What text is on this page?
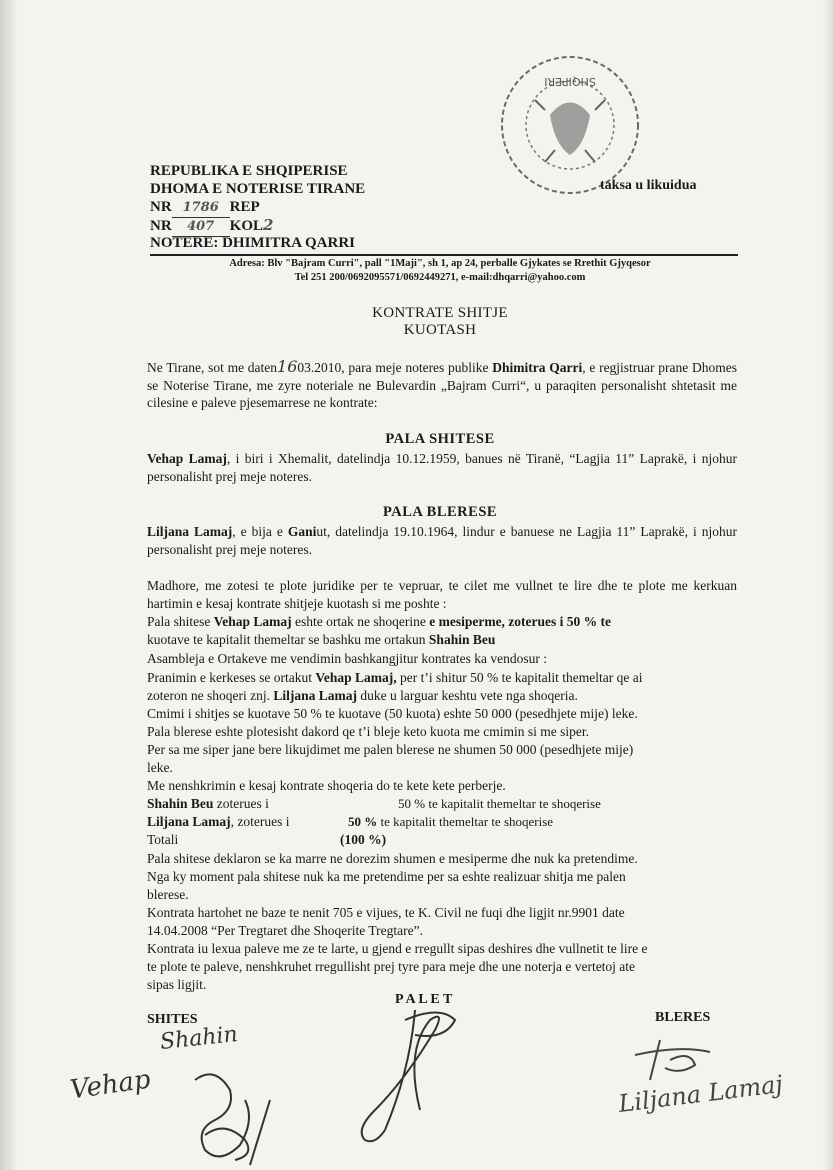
SHQIPERI
REPUBLIKA E SHQIPERISE
DHOMA E NOTERISE TIRANE
NR 1786 REP
NR 407 KOL2
NOTERE: DHIMITRA QARRI
taksa u likuidua
Adresa: Blv "Bajram Curri", pall "1Maji", sh 1, ap 24, perballe Gjykates se Rrethit Gjyqesor
Tel 251 200/0692095571/0692449271, e-mail:dhqarri@yahoo.com
KONTRATE SHITJE
KUOTASH
Ne Tirane, sot me daten1603.2010, para meje noteres publike Dhimitra Qarri, e regjistruar prane Dhomes se Noterise Tirane, me zyre noteriale ne Bulevardin „Bajram Curri“, u paraqiten personalisht shtetasit me cilesine e paleve pjesemarrese ne kontrate:
PALA SHITESE
Vehap Lamaj, i biri i Xhemalit, datelindja 10.12.1959, banues në Tiranë, “Lagjia 11” Laprakë, i njohur personalisht prej meje noteres.
PALA BLERESE
Liljana Lamaj, e bija e Ganiut, datelindja 19.10.1964, lindur e banuese ne Lagjia 11” Laprakë, i njohur personalisht prej meje noteres.
Madhore, me zotesi te plote juridike per te vepruar, te cilet me vullnet te lire dhe te plote me kerkuan hartimin e kesaj kontrate shitjeje kuotash si me poshte :
Pala shitese Vehap Lamaj eshte ortak ne shoqerine e mesiperme, zoterues i 50 % te
kuotave te kapitalit themeltar se bashku me ortakun Shahin Beu
Asambleja e Ortakeve me vendimin bashkangjitur kontrates ka vendosur :
Pranimin e kerkeses se ortakut Vehap Lamaj, per t’i shitur 50 % te kapitalit themeltar qe ai
zoteron ne shoqeri znj. Liljana Lamaj duke u larguar keshtu vete nga shoqeria.
Cmimi i shitjes se kuotave 50 % te kuotave (50 kuota) eshte 50 000 (pesedhjete mije) leke.
Pala blerese eshte plotesisht dakord qe t’i bleje keto kuota me cmimin si me siper.
Per sa me siper jane bere likujdimet me palen blerese ne shumen 50 000 (pesedhjete mije)
leke.
Me nenshkrimin e kesaj kontrate shoqeria do te kete kete perberje.
Shahin Beu zoterues i	50 % te kapitalit themeltar te shoqerise
Liljana Lamaj, zoterues i	50 % te kapitalit themeltar te shoqerise
Totali	(100 %)
Pala shitese deklaron se ka marre ne dorezim shumen e mesiperme dhe nuk ka pretendime.
Nga ky moment pala shitese nuk ka me pretendime per sa eshte realizuar shitja me palen
blerese.
Kontrata hartohet ne baze te nenit 705 e vijues, te K. Civil ne fuqi dhe ligjit nr.9901 date
14.04.2008 “Per Tregtaret dhe Shoqerite Tregtare”.
Kontrata iu lexua paleve me ze te larte, u gjend e rregullt sipas deshires dhe vullnetit te lire e
te plote te paleve, nenshkruhet rregullisht prej tyre para meje dhe une noterja e vertetoj ate
sipas ligjit.
P A L E T
SHITES	BLERES
Shahin
Vehap	Liljana Lamaj
